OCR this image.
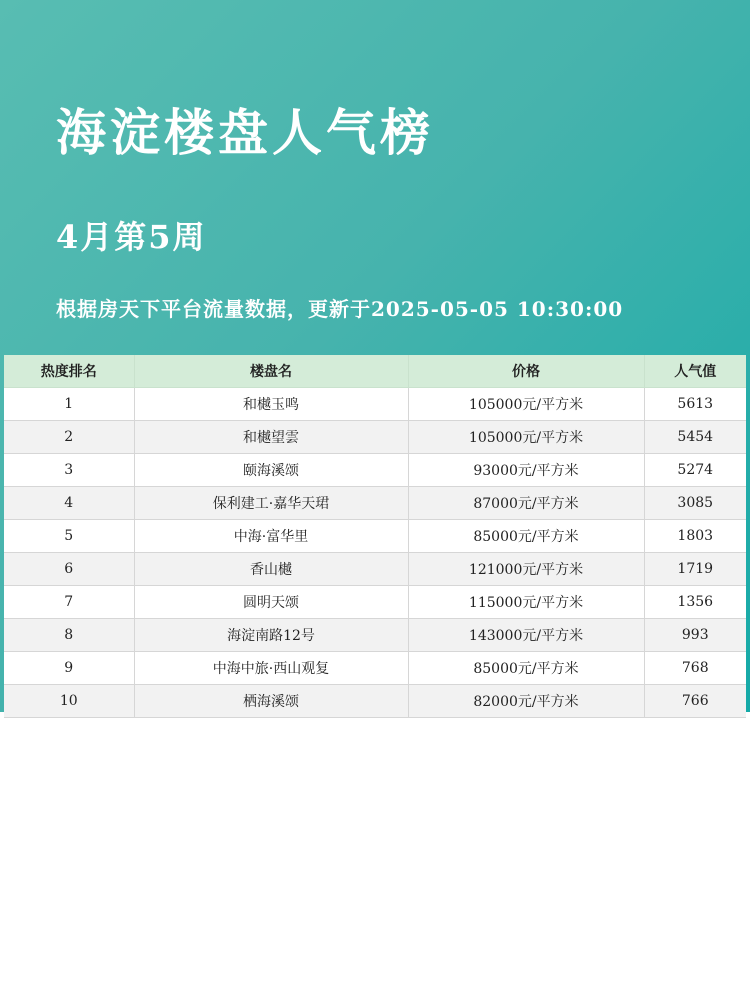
海淀楼盘人气榜
4月第5周
根据房天下平台流量数据，更新于2025-05-05 10:30:00
热度排名	楼盘名	价格	人气值
1	和樾玉鸣	105000元/平方米	5613
2	和樾望雲	105000元/平方米	5454
3	颐海溪颂	93000元/平方米	5274
4	保利建工·嘉华天珺	87000元/平方米	3085
5	中海·富华里	85000元/平方米	1803
6	香山樾	121000元/平方米	1719
7	圆明天颂	115000元/平方米	1356
8	海淀南路12号	143000元/平方米	993
9	中海中旅·西山观复	85000元/平方米	768
10	栖海溪颂	82000元/平方米	766
